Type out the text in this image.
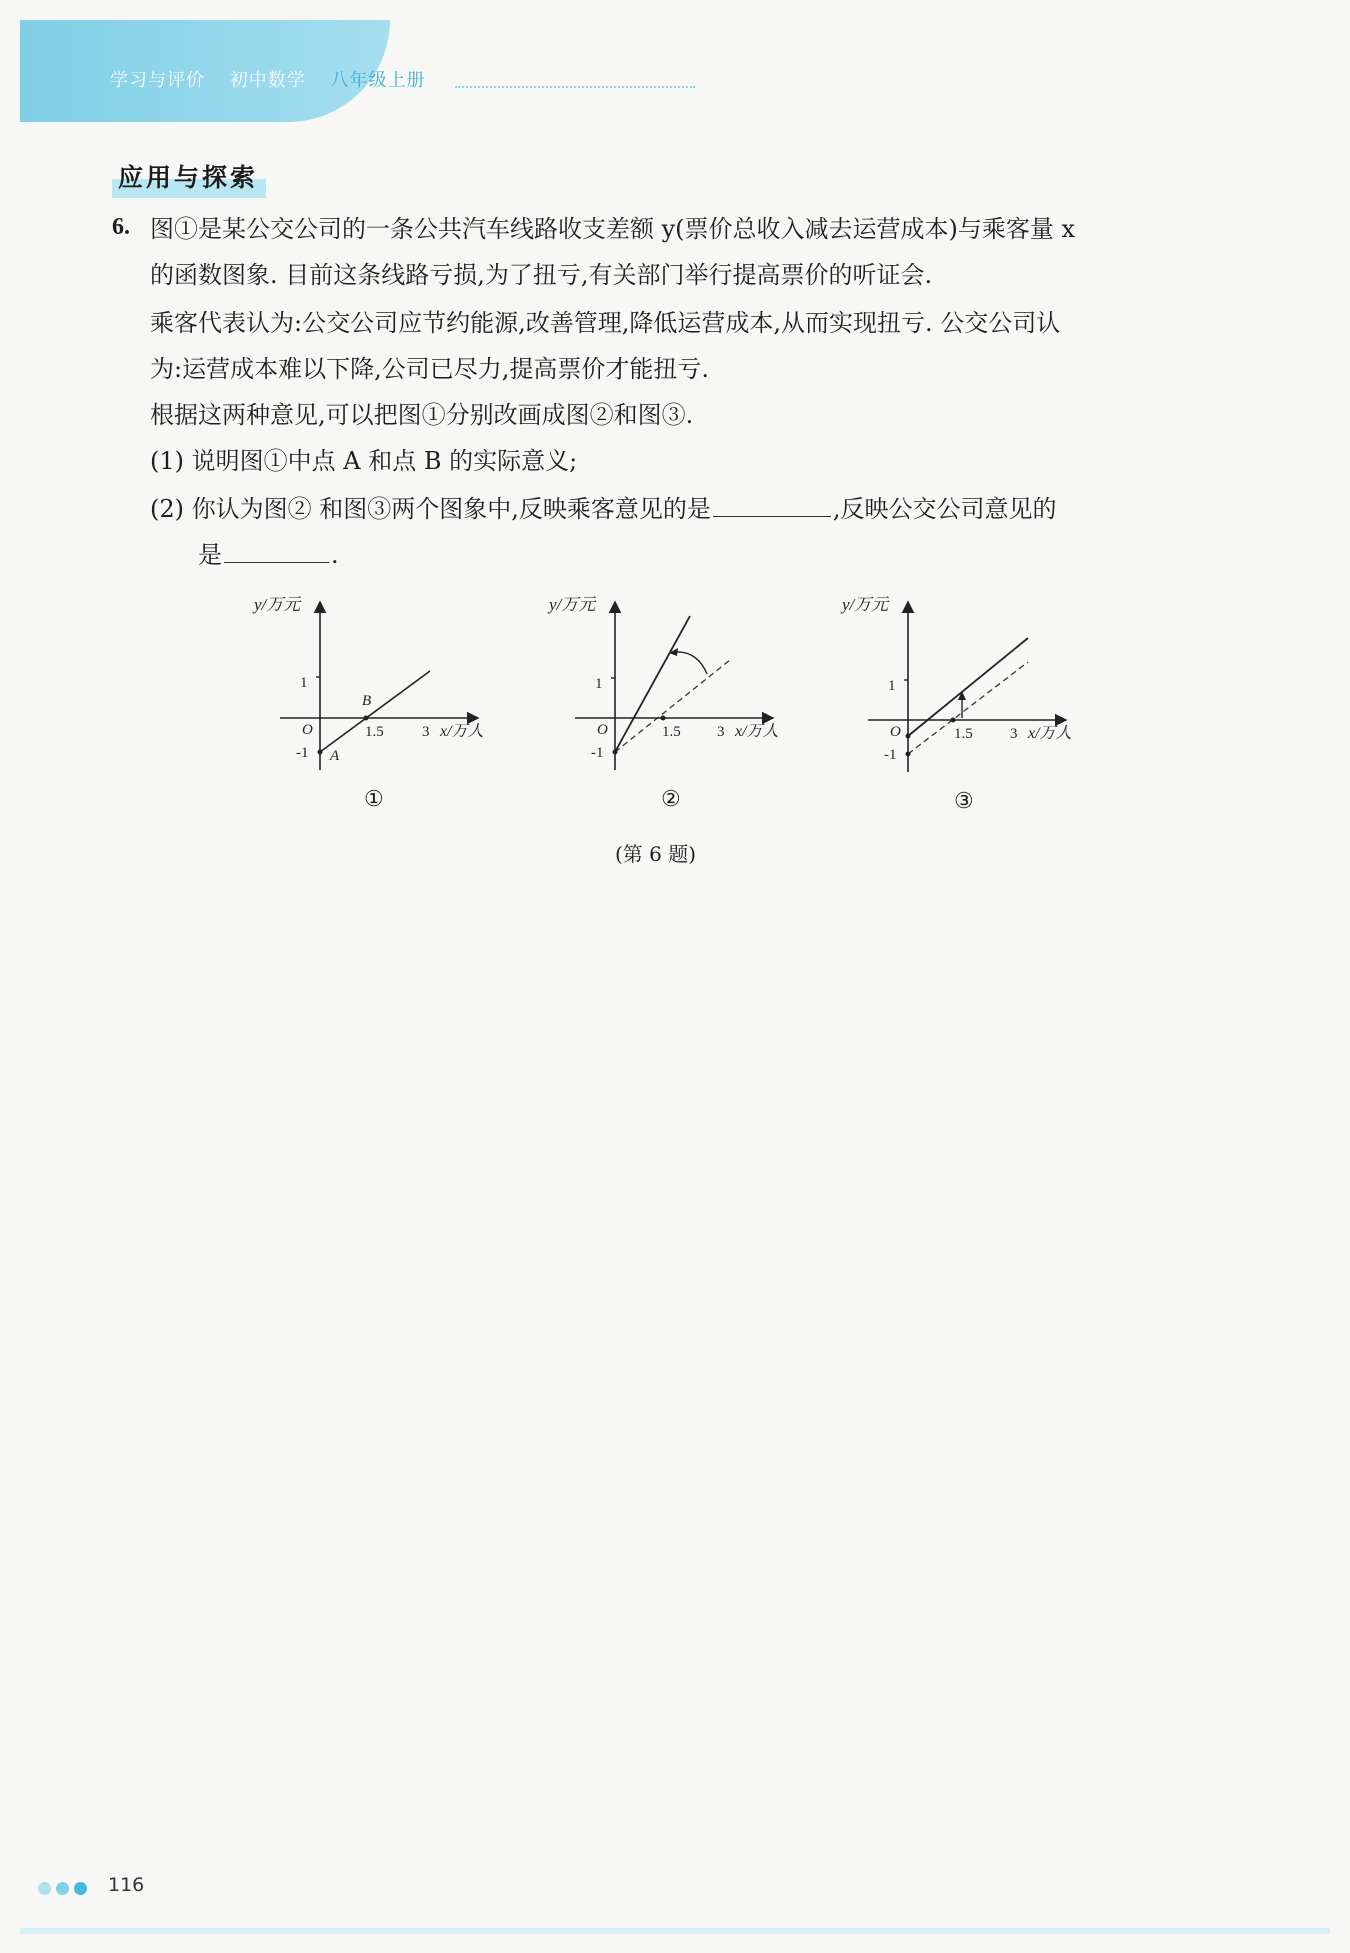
学习与评价 初中数学 八年级上册
应用与探索
6. 图①是某公交公司的一条公共汽车线路收支差额 y(票价总收入减去运营成本)与乘客量 x
的函数图象. 目前这条线路亏损,为了扭亏,有关部门举行提高票价的听证会.
乘客代表认为:公交公司应节约能源,改善管理,降低运营成本,从而实现扭亏. 公交公司认
为:运营成本难以下降,公司已尽力,提高票价才能扭亏.
根据这两种意见,可以把图①分别改画成图②和图③.
(1) 说明图①中点 A 和点 B 的实际意义;
(2) 你认为图② 和图③两个图象中,反映乘客意见的是	,反映公交公司意见的
是	.
y/万元
1
-1
O	1.5	3 x/万人
A
B
①
y/万元
1
-1
O	1.5 3 x/万人
②
y/万元
1
-1
O	1.5 3 x/万人
③
(第 6 题)
116
